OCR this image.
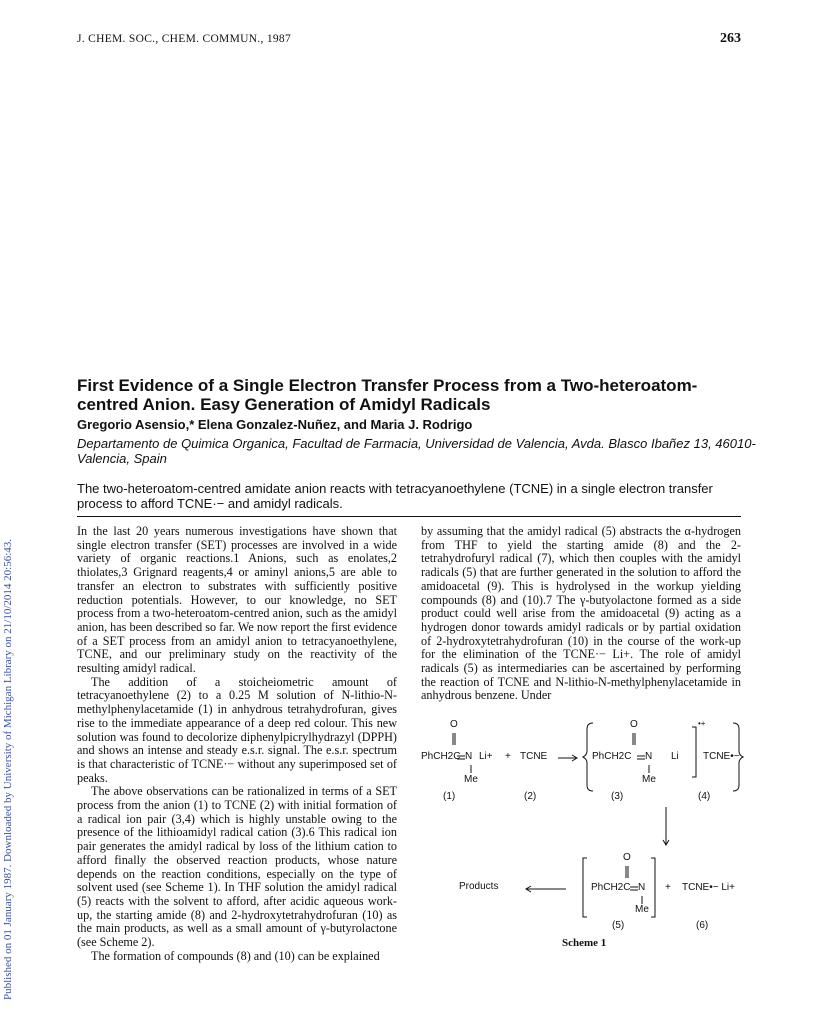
J. CHEM. SOC., CHEM. COMMUN., 1987	263
Published on 01 January 1987. Downloaded by University of Michigan Library on 21/10/2014 20:56:43.
First Evidence of a Single Electron Transfer Process from a Two-heteroatom-centred Anion. Easy Generation of Amidyl Radicals
Gregorio Asensio,* Elena Gonzalez-Nuñez, and Maria J. Rodrigo
Departamento de Quimica Organica, Facultad de Farmacia, Universidad de Valencia, Avda. Blasco Ibañez 13, 46010-Valencia, Spain
The two-heteroatom-centred amidate anion reacts with tetracyanoethylene (TCNE) in a single electron transfer process to afford TCNE·− and amidyl radicals.

In the last 20 years numerous investigations have shown that single electron transfer (SET) processes are involved in a wide variety of organic reactions.1 Anions, such as enolates,2 thiolates,3 Grignard reagents,4 or aminyl anions,5 are able to transfer an electron to substrates with sufficiently positive reduction potentials. However, to our knowledge, no SET process from a two-heteroatom-centred anion, such as the amidyl anion, has been described so far. We now report the first evidence of a SET process from an amidyl anion to tetracyanoethylene, TCNE, and our preliminary study on the reactivity of the resulting amidyl radical.

The addition of a stoicheiometric amount of tetracyanoethylene (2) to a 0.25 M solution of N-lithio-N-methylphenylacetamide (1) in anhydrous tetrahydrofuran, gives rise to the immediate appearance of a deep red colour. This new solution was found to decolorize diphenylpicrylhydrazyl (DPPH) and shows an intense and steady e.s.r. signal. The e.s.r. spectrum is that characteristic of TCNE·− without any superimposed set of peaks.

The above observations can be rationalized in terms of a SET process from the anion (1) to TCNE (2) with initial formation of a radical ion pair (3,4) which is highly unstable owing to the presence of the lithioamidyl radical cation (3).6 This radical ion pair generates the amidyl radical by loss of the lithium cation to afford finally the observed reaction products, whose nature depends on the reaction conditions, especially on the type of solvent used (see Scheme 1). In THF solution the amidyl radical (5) reacts with the solvent to afford, after acidic aqueous work-up, the starting amide (8) and 2-hydroxytetrahydrofuran (10) as the main products, as well as a small amount of γ-butyrolactone (see Scheme 2).

The formation of compounds (8) and (10) can be explained

by assuming that the amidyl radical (5) abstracts the α-hydrogen from THF to yield the starting amide (8) and the 2-tetrahydrofuryl radical (7), which then couples with the amidyl radicals (5) that are further generated in the solution to afford the amidoacetal (9). This is hydrolysed in the workup yielding compounds (8) and (10).7 The γ-butyolactone formed as a side product could well arise from the amidoacetal (9) acting as a hydrogen donor towards amidyl radicals or by partial oxidation of 2-hydroxytetrahydrofuran (10) in the course of the work-up for the elimination of the TCNE·− Li+. The role of amidyl radicals (5) as intermediaries can be ascertained by performing the reaction of TCNE and N-lithio-N-methylphenylacetamide in anhydrous benzene. Under

O
PhCH2C N Li+
Me
+ TCNE
O
PhCH2C N Li
Me
•+
TCNE•−
O
PhCH2C N
Me
+ TCNE•− Li+
Products
(1)	(2)	(3)	(4)
(5)	(6)
Scheme 1
